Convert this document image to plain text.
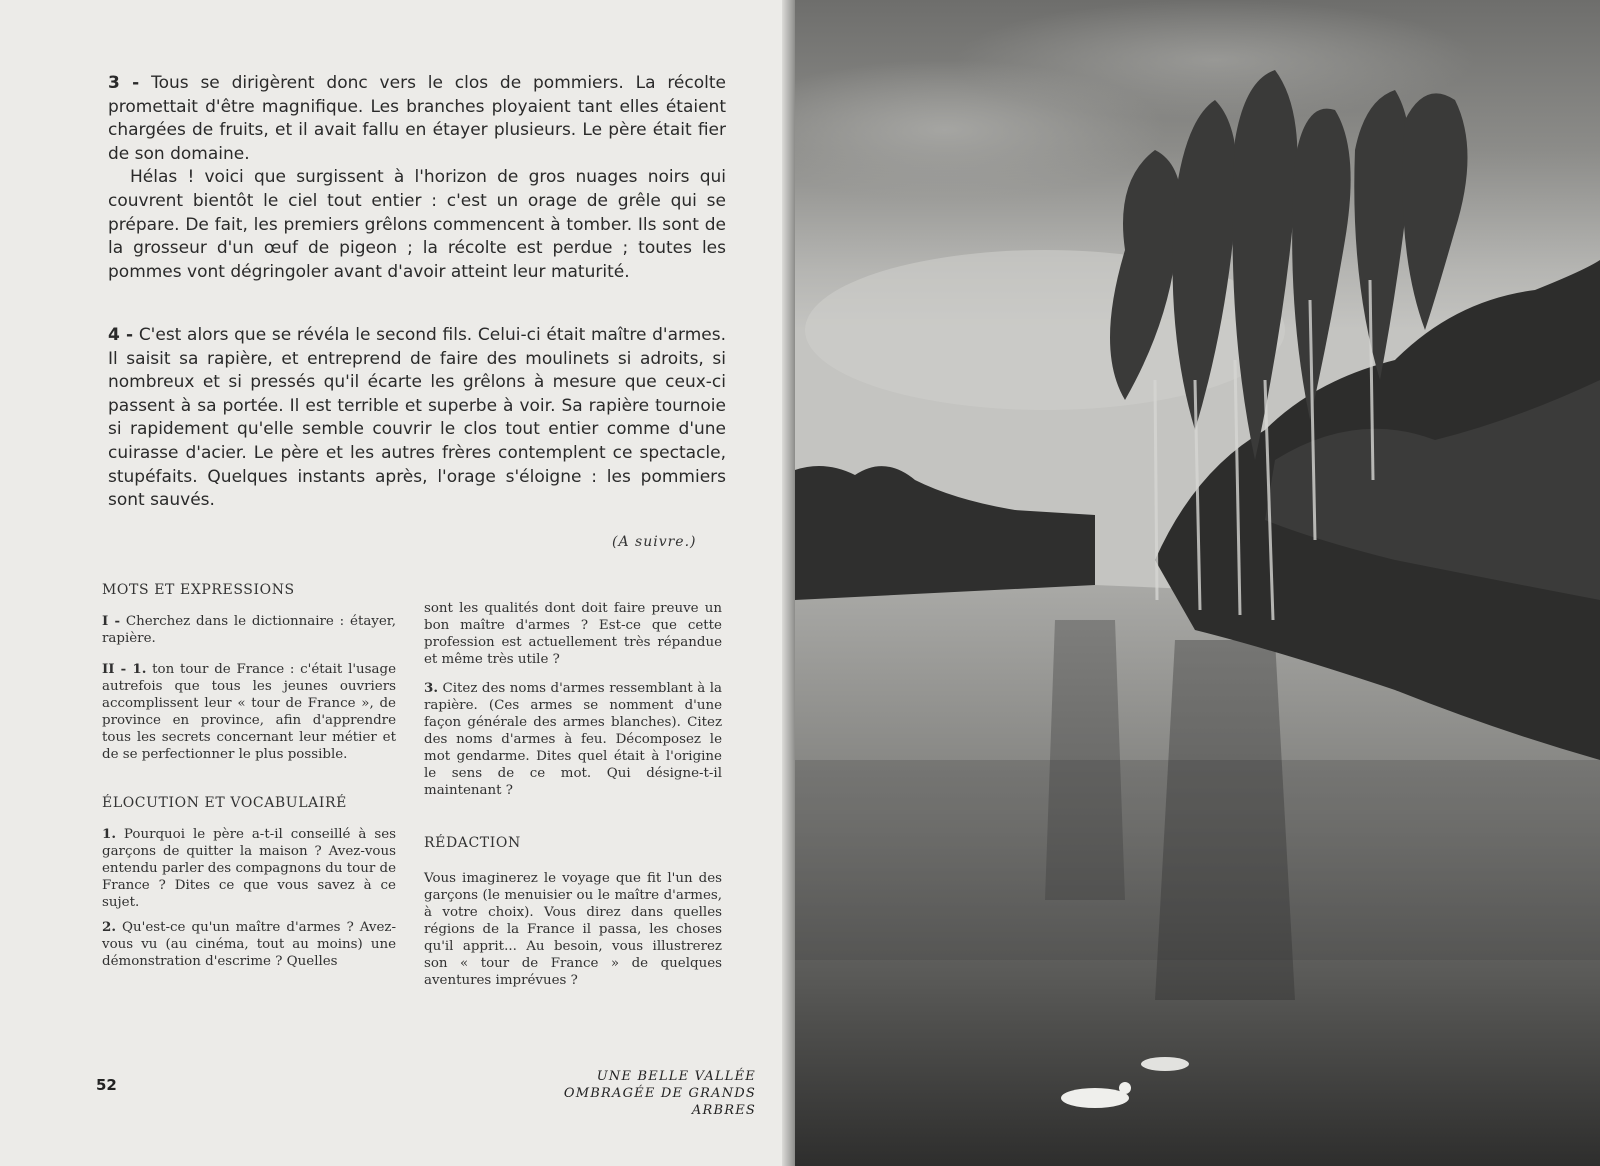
3 - Tous se dirigèrent donc vers le clos de pommiers. La récolte promettait d'être magnifique. Les branches ployaient tant elles étaient chargées de fruits, et il avait fallu en étayer plusieurs. Le père était fier de son domaine.

Hélas ! voici que surgissent à l'horizon de gros nuages noirs qui couvrent bientôt le ciel tout entier : c'est un orage de grêle qui se prépare. De fait, les premiers grêlons commencent à tomber. Ils sont de la grosseur d'un œuf de pigeon ; la récolte est perdue ; toutes les pommes vont dégringoler avant d'avoir atteint leur maturité.

4 - C'est alors que se révéla le second fils. Celui-ci était maître d'armes. Il saisit sa rapière, et entreprend de faire des moulinets si adroits, si nombreux et si pressés qu'il écarte les grêlons à mesure que ceux-ci passent à sa portée. Il est terrible et superbe à voir. Sa rapière tournoie si rapidement qu'elle semble couvrir le clos tout entier comme d'une cuirasse d'acier. Le père et les autres frères contemplent ce spectacle, stupéfaits. Quelques instants après, l'orage s'éloigne : les pommiers sont sauvés.

(A suivre.)

MOTS ET EXPRESSIONS

I - Cherchez dans le dictionnaire : étayer, rapière.

II - 1. ton tour de France : c'était l'usage autrefois que tous les jeunes ouvriers accomplissent leur « tour de France », de province en province, afin d'apprendre tous les secrets concernant leur métier et de se perfectionner le plus possible.

ÉLOCUTION ET VOCABULAIRÉ

1. Pourquoi le père a-t-il conseillé à ses garçons de quitter la maison ? Avez-vous entendu parler des compagnons du tour de France ? Dites ce que vous savez à ce sujet.

2. Qu'est-ce qu'un maître d'armes ? Avez-vous vu (au cinéma, tout au moins) une démonstration d'escrime ? Quelles

sont les qualités dont doit faire preuve un bon maître d'armes ? Est-ce que cette profession est actuellement très répandue et même très utile ?

3. Citez des noms d'armes ressemblant à la rapière. (Ces armes se nomment d'une façon générale des armes blanches). Citez des noms d'armes à feu. Décomposez le mot gendarme. Dites quel était à l'origine le sens de ce mot. Qui désigne-t-il maintenant ?

RÉDACTION

Vous imaginerez le voyage que fit l'un des garçons (le menuisier ou le maître d'armes, à votre choix). Vous direz dans quelles régions de la France il passa, les choses qu'il apprit... Au besoin, vous illustrerez son « tour de France » de quelques aventures imprévues ?

52	UNE BELLE VALLÉE OMBRAGÉE DE GRANDS ARBRES
